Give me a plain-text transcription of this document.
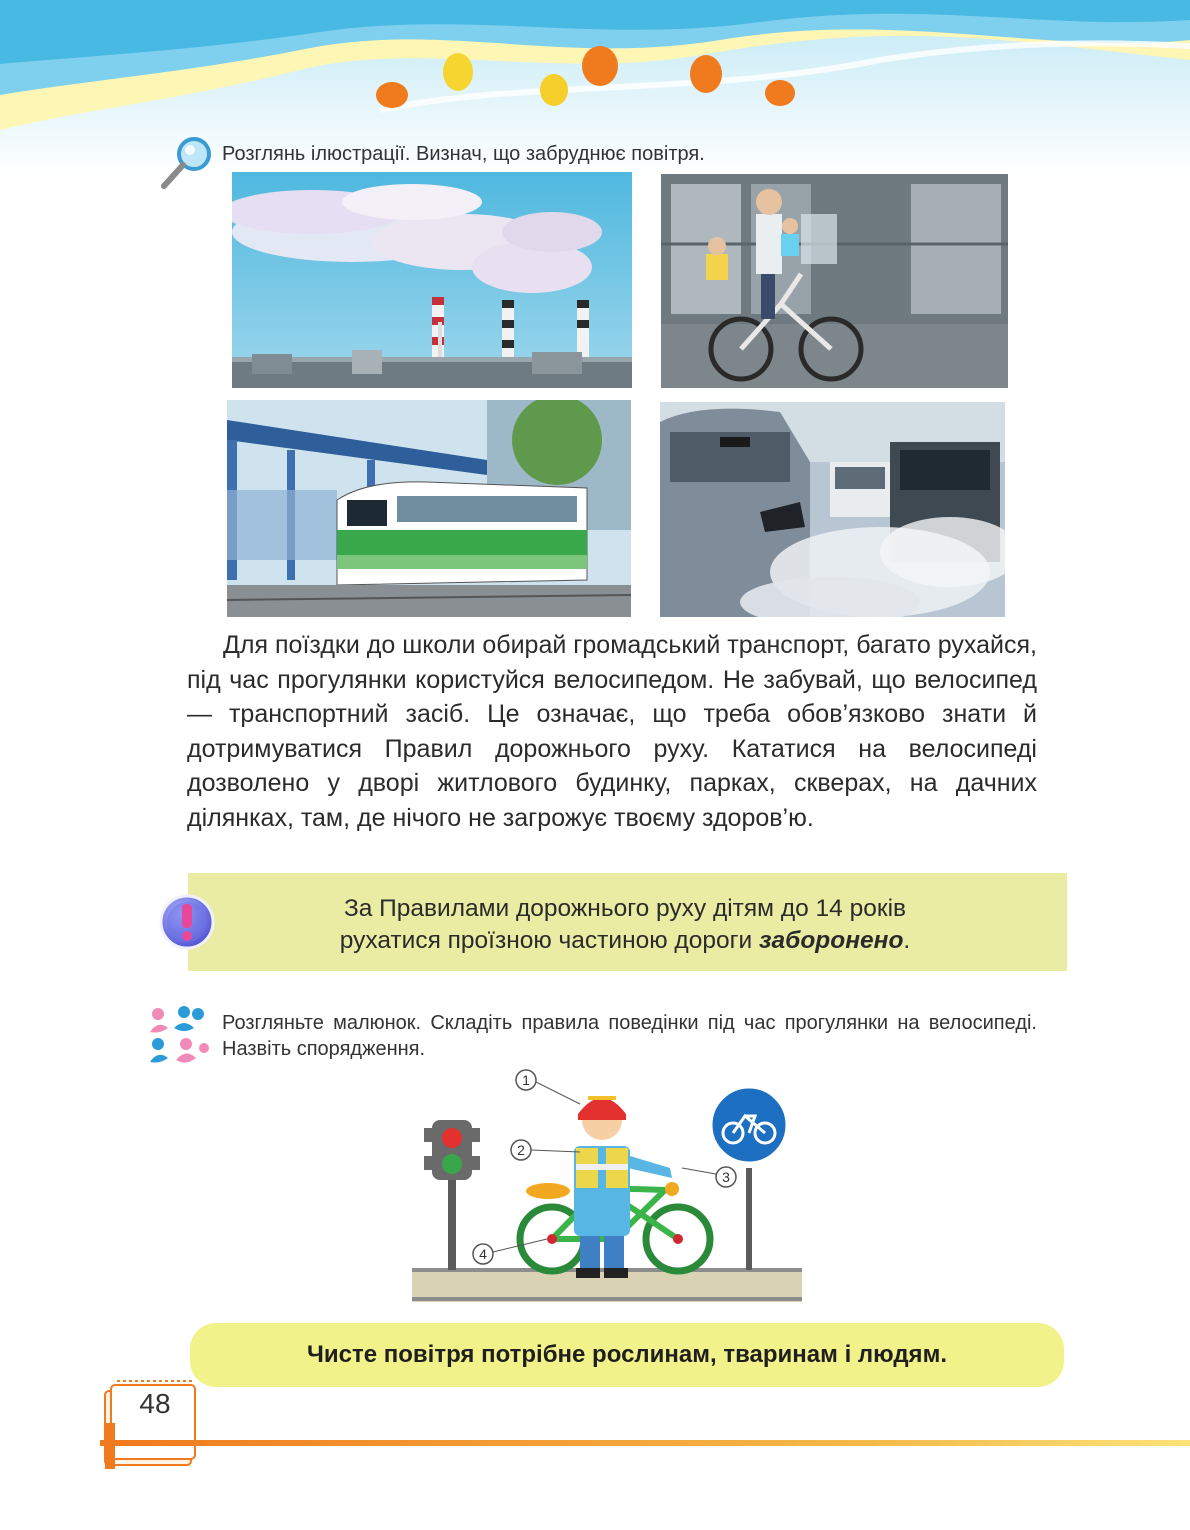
Розглянь ілюстрації. Визнач, що забруднює повітря.
Для поїздки до школи обирай громадський транспорт, багато рухайся, під час прогулянки користуйся велосипедом. Не забувай, що велосипед — транспортний засіб. Це означає, що треба обов’язково знати й дотримуватися Правил дорожнього руху. Кататися на велосипеді дозволено у дворі житлового будинку, парках, скверах, на дачних ділянках, там, де нічого не загрожує твоєму здоров’ю.
За Правилами дорожнього руху дітям до 14 років
рухатися проїзною частиною дороги заборонено.
Розгляньте малюнок. Складіть правила поведінки під час прогулянки на велосипеді. Назвіть спорядження.
1
2
3
4
Чисте повітря потрібне рослинам, тваринам і людям.
48
